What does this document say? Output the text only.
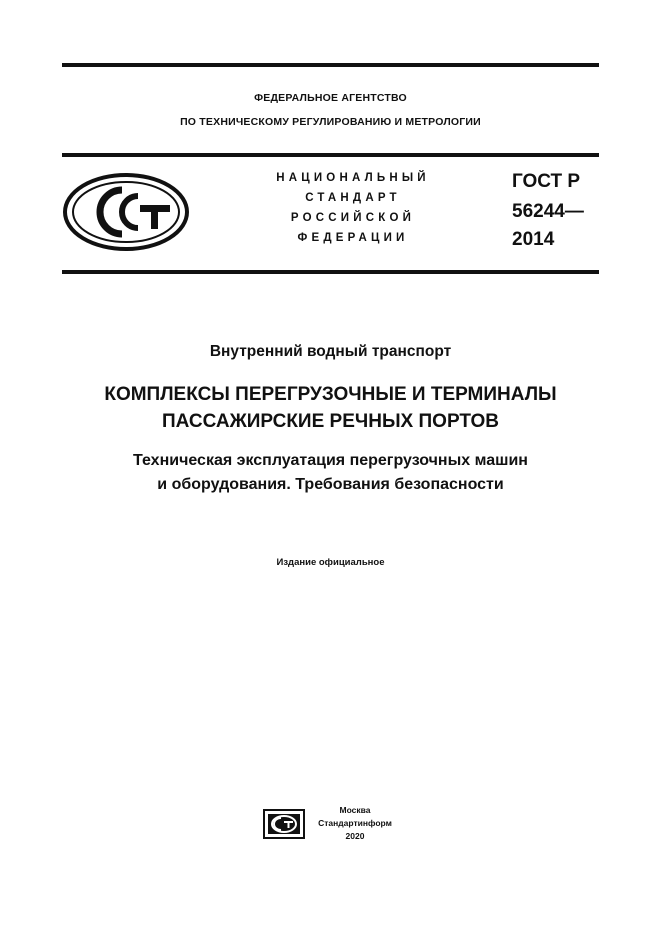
ФЕДЕРАЛЬНОЕ АГЕНТСТВО
ПО ТЕХНИЧЕСКОМУ РЕГУЛИРОВАНИЮ И МЕТРОЛОГИИ
НАЦИОНАЛЬНЫЙ
СТАНДАРТ
РОССИЙСКОЙ
ФЕДЕРАЦИИ
ГОСТ Р
56244—
2014
Внутренний водный транспорт
КОМПЛЕКСЫ ПЕРЕГРУЗОЧНЫЕ И ТЕРМИНАЛЫ
ПАССАЖИРСКИЕ РЕЧНЫХ ПОРТОВ
Техническая эксплуатация перегрузочных машин
и оборудования. Требования безопасности
Издание официальное
Москва
Стандартинформ
2020
